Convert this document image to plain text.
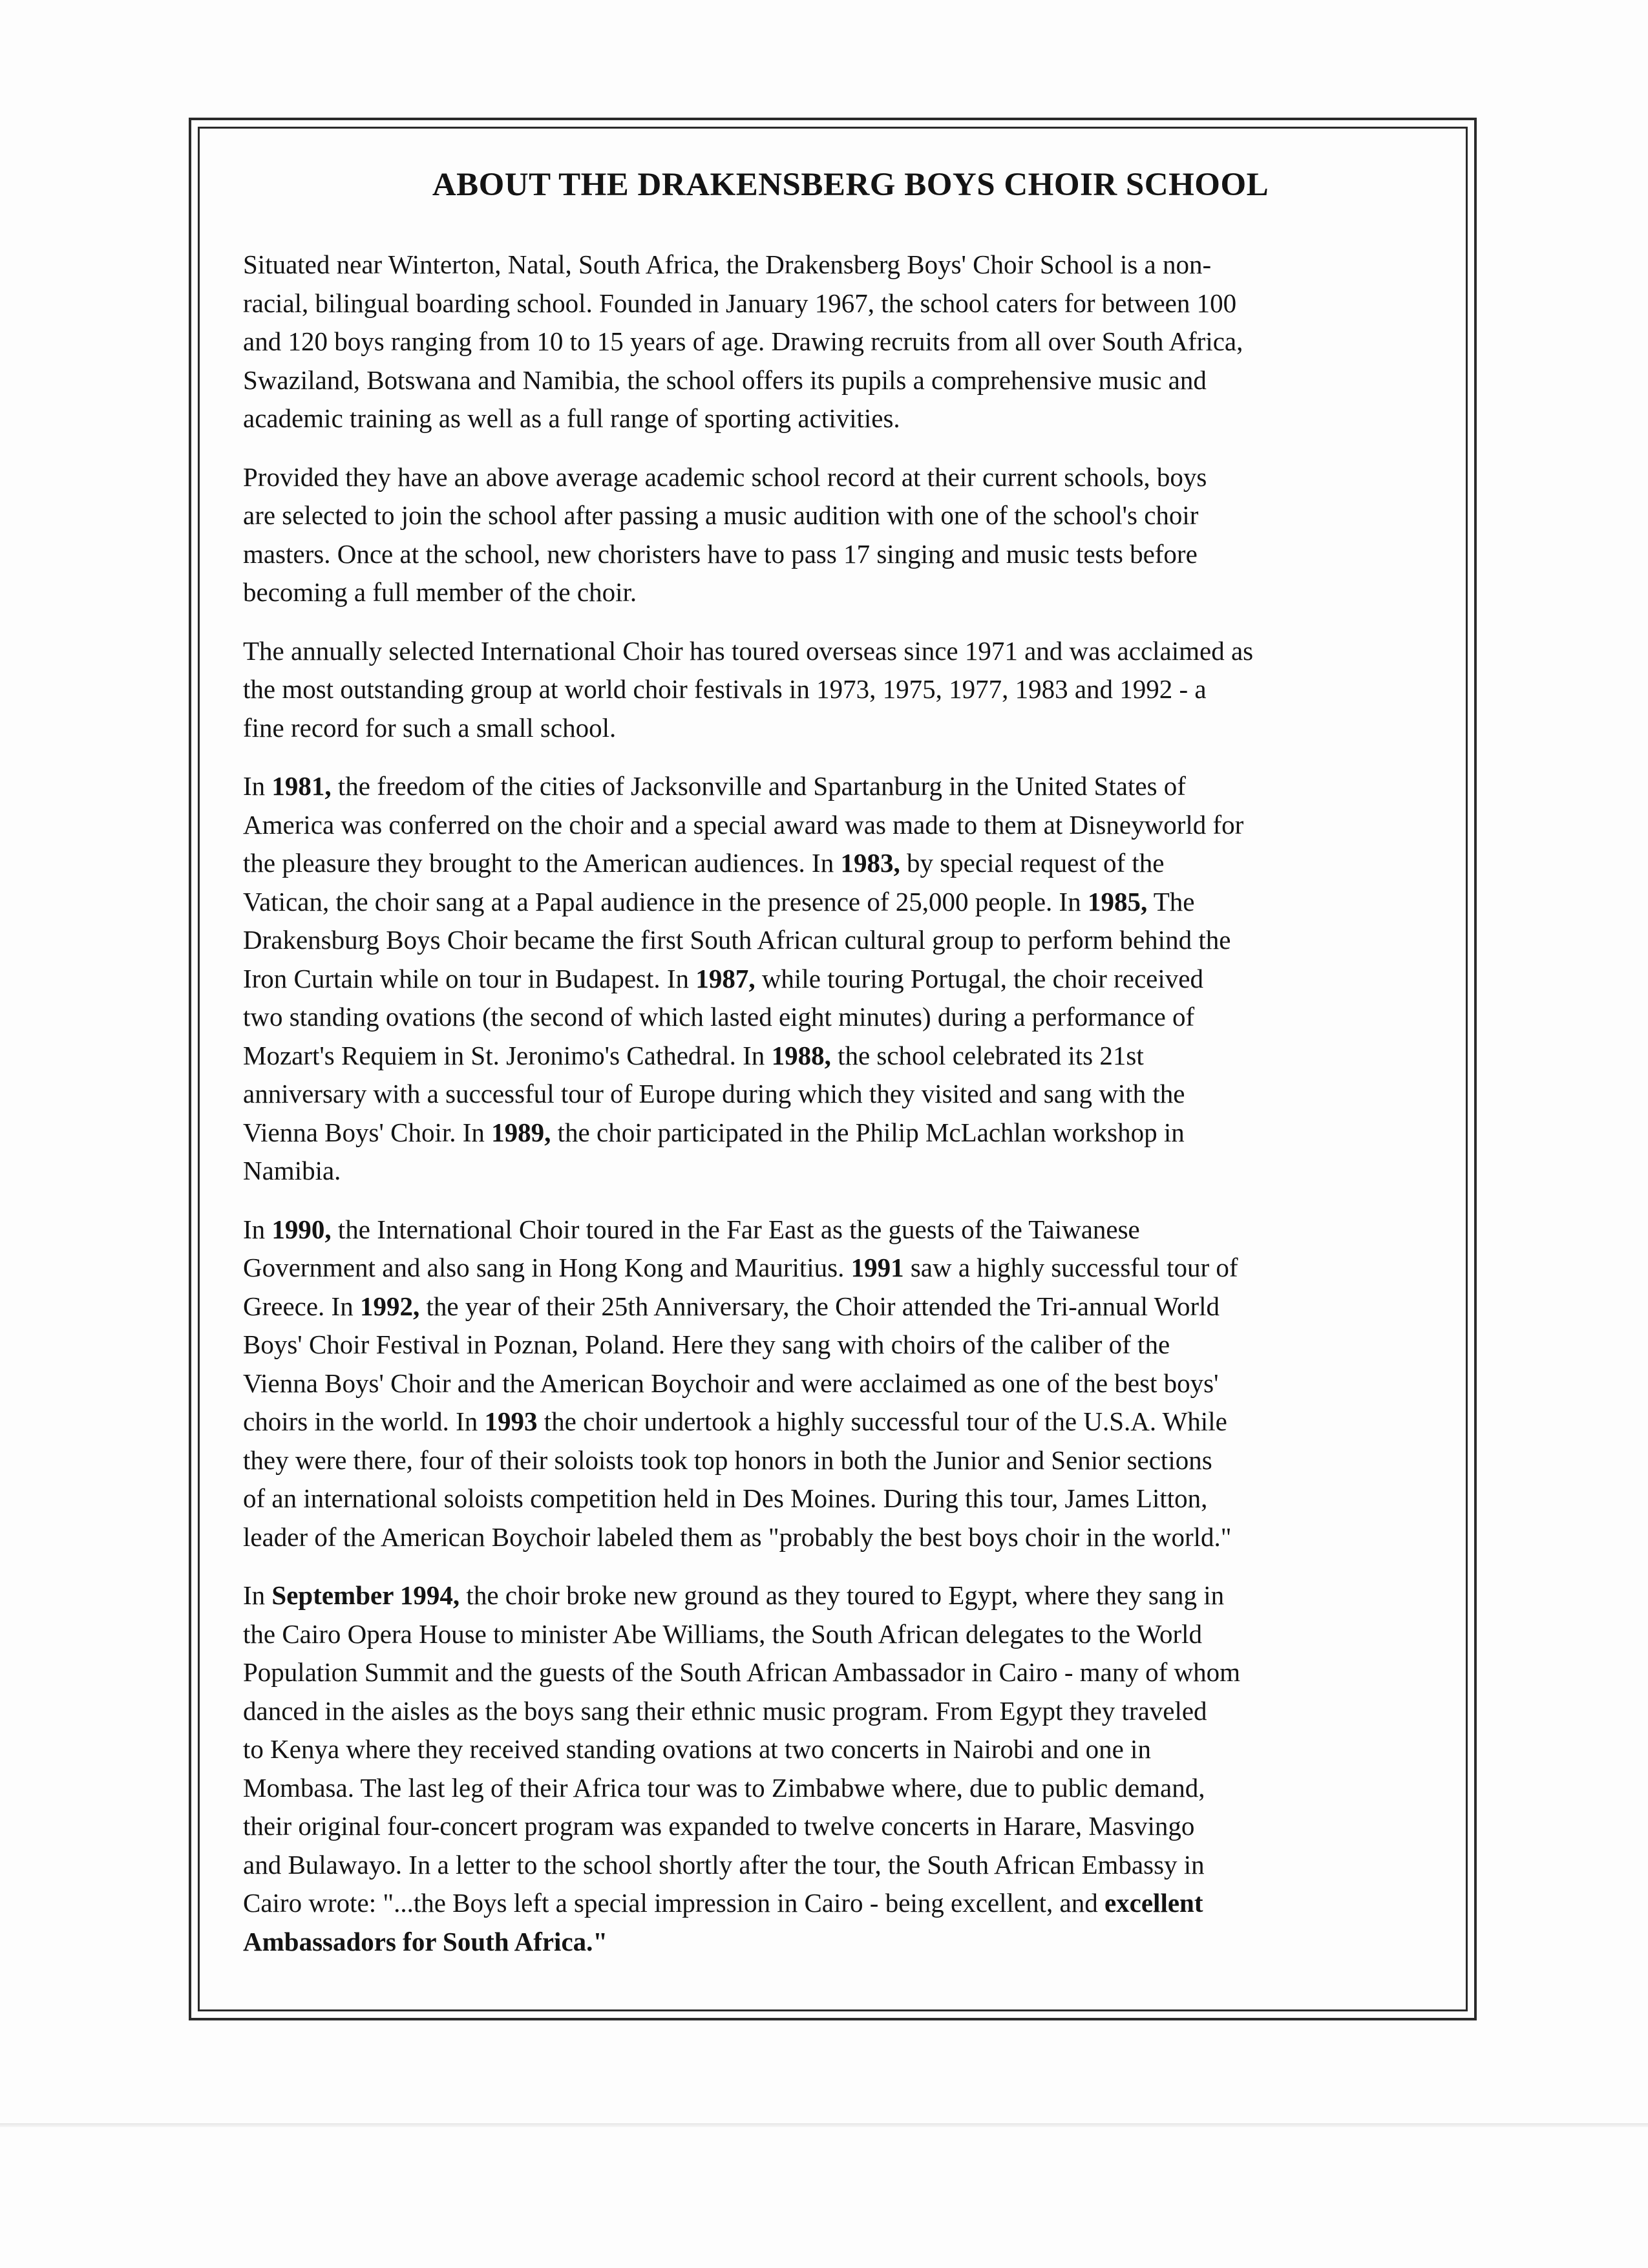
ABOUT THE DRAKENSBERG BOYS CHOIR SCHOOL

Situated near Winterton, Natal, South Africa, the Drakensberg Boys' Choir School is a non-
racial, bilingual boarding school. Founded in January 1967, the school caters for between 100
and 120 boys ranging from 10 to 15 years of age. Drawing recruits from all over South Africa,
Swaziland, Botswana and Namibia, the school offers its pupils a comprehensive music and
academic training as well as a full range of sporting activities.

Provided they have an above average academic school record at their current schools, boys
are selected to join the school after passing a music audition with one of the school's choir
masters. Once at the school, new choristers have to pass 17 singing and music tests before
becoming a full member of the choir.

The annually selected International Choir has toured overseas since 1971 and was acclaimed as
the most outstanding group at world choir festivals in 1973, 1975, 1977, 1983 and 1992 - a
fine record for such a small school.

In 1981, the freedom of the cities of Jacksonville and Spartanburg in the United States of
America was conferred on the choir and a special award was made to them at Disneyworld for
the pleasure they brought to the American audiences. In 1983, by special request of the
Vatican, the choir sang at a Papal audience in the presence of 25,000 people. In 1985, The
Drakensburg Boys Choir became the first South African cultural group to perform behind the
Iron Curtain while on tour in Budapest. In 1987, while touring Portugal, the choir received
two standing ovations (the second of which lasted eight minutes) during a performance of
Mozart's Requiem in St. Jeronimo's Cathedral. In 1988, the school celebrated its 21st
anniversary with a successful tour of Europe during which they visited and sang with the
Vienna Boys' Choir. In 1989, the choir participated in the Philip McLachlan workshop in
Namibia.

In 1990, the International Choir toured in the Far East as the guests of the Taiwanese
Government and also sang in Hong Kong and Mauritius. 1991 saw a highly successful tour of
Greece. In 1992, the year of their 25th Anniversary, the Choir attended the Tri-annual World
Boys' Choir Festival in Poznan, Poland. Here they sang with choirs of the caliber of the
Vienna Boys' Choir and the American Boychoir and were acclaimed as one of the best boys'
choirs in the world. In 1993 the choir undertook a highly successful tour of the U.S.A. While
they were there, four of their soloists took top honors in both the Junior and Senior sections
of an international soloists competition held in Des Moines. During this tour, James Litton,
leader of the American Boychoir labeled them as "probably the best boys choir in the world."

In September 1994, the choir broke new ground as they toured to Egypt, where they sang in
the Cairo Opera House to minister Abe Williams, the South African delegates to the World
Population Summit and the guests of the South African Ambassador in Cairo - many of whom
danced in the aisles as the boys sang their ethnic music program. From Egypt they traveled
to Kenya where they received standing ovations at two concerts in Nairobi and one in
Mombasa. The last leg of their Africa tour was to Zimbabwe where, due to public demand,
their original four-concert program was expanded to twelve concerts in Harare, Masvingo
and Bulawayo. In a letter to the school shortly after the tour, the South African Embassy in
Cairo wrote: "...the Boys left a special impression in Cairo - being excellent, and excellent
Ambassadors for South Africa."
